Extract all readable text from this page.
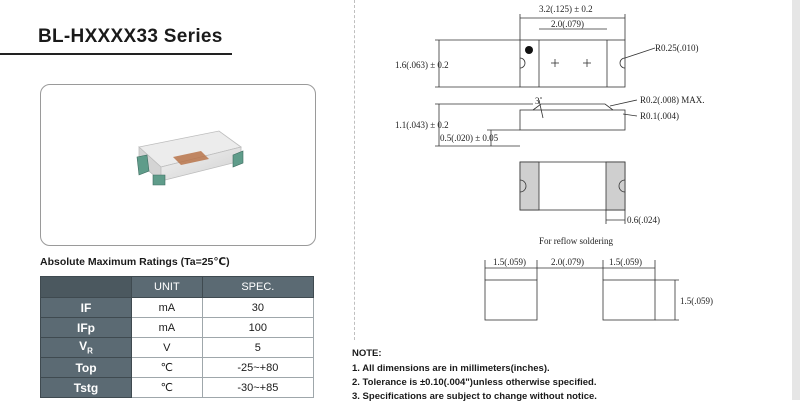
BL-HXXXX33 Series
Absolute Maximum Ratings (Ta=25℃)
	UNIT	SPEC.
IF	mA	30
IFp	mA	100
$V_R$	V	5
Top	℃	-25~+80
Tstg	℃	-30~+85
3.2(.125) ± 0.2
2.0(.079)
R0.25(.010)
1.6(.063) ± 0.2
3˚	R0.2(.008) MAX.
R0.1(.004)
1.1(.043) ± 0.2
0.5(.020) ± 0.05
0.6(.024)
For reflow soldering
1.5(.059)	2.0(.079)	1.5(.059)
1.5(.059)
NOTE:
1. All dimensions are in millimeters(inches).
2. Tolerance is ±0.10(.004")unless otherwise specified.
3. Specifications are subject to change without notice.
